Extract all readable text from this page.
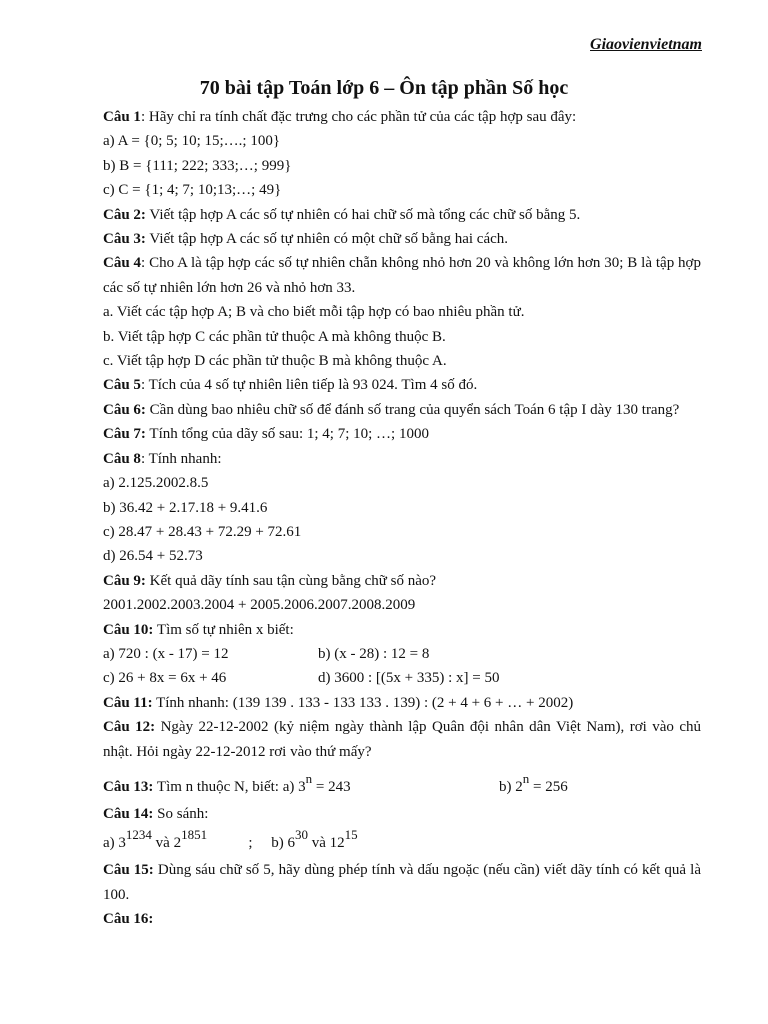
Giaovienvietnam
70 bài tập Toán lớp 6 – Ôn tập phần Số học

Câu 1: Hãy chỉ ra tính chất đặc trưng cho các phần tử của các tập hợp sau đây:

a) A = {0; 5; 10; 15;….; 100}

b) B = {111; 222; 333;…; 999}

c) C = {1; 4; 7; 10;13;…; 49}

Câu 2: Viết tập hợp A các số tự nhiên có hai chữ số mà tổng các chữ số bằng 5.

Câu 3: Viết tập hợp A các số tự nhiên có một chữ số bằng hai cách.

Câu 4: Cho A là tập hợp các số tự nhiên chẵn không nhỏ hơn 20 và không lớn hơn 30; B là tập hợp các số tự nhiên lớn hơn 26 và nhỏ hơn 33.

a. Viết các tập hợp A; B và cho biết mỗi tập hợp có bao nhiêu phần tử.

b. Viết tập hợp C các phần tử thuộc A mà không thuộc B.

c. Viết tập hợp D các phần tử thuộc B mà không thuộc A.

Câu 5: Tích của 4 số tự nhiên liên tiếp là 93 024. Tìm 4 số đó.

Câu 6: Cần dùng bao nhiêu chữ số để đánh số trang của quyển sách Toán 6 tập I dày 130 trang?

Câu 7: Tính tổng của dãy số sau: 1; 4; 7; 10; …; 1000

Câu 8: Tính nhanh:

a) 2.125.2002.8.5

b) 36.42 + 2.17.18 + 9.41.6

c) 28.47 + 28.43 + 72.29 + 72.61

d) 26.54 + 52.73

Câu 9: Kết quả dãy tính sau tận cùng bằng chữ số nào?

2001.2002.2003.2004 + 2005.2006.2007.2008.2009

Câu 10: Tìm số tự nhiên x biết:

a) 720 : (x - 17) = 12	b) (x - 28) : 12 = 8

c) 26 + 8x = 6x + 46	d) 3600 : [(5x + 335) : x] = 50

Câu 11: Tính nhanh: (139 139 . 133 - 133 133 . 139) : (2 + 4 + 6 + … + 2002)

Câu 12: Ngày 22-12-2002 (kỷ niệm ngày thành lập Quân đội nhân dân Việt Nam), rơi vào chủ nhật. Hỏi ngày 22-12-2012 rơi vào thứ mấy?

Câu 13: Tìm n thuộc N, biết: a) 3n = 243	b) 2n = 256

Câu 14: So sánh:

a) 31234 và 21851           ;     b) 630 và 1215

Câu 15: Dùng sáu chữ số 5, hãy dùng phép tính và dấu ngoặc (nếu cần) viết dãy tính có kết quả là 100.

Câu 16:
